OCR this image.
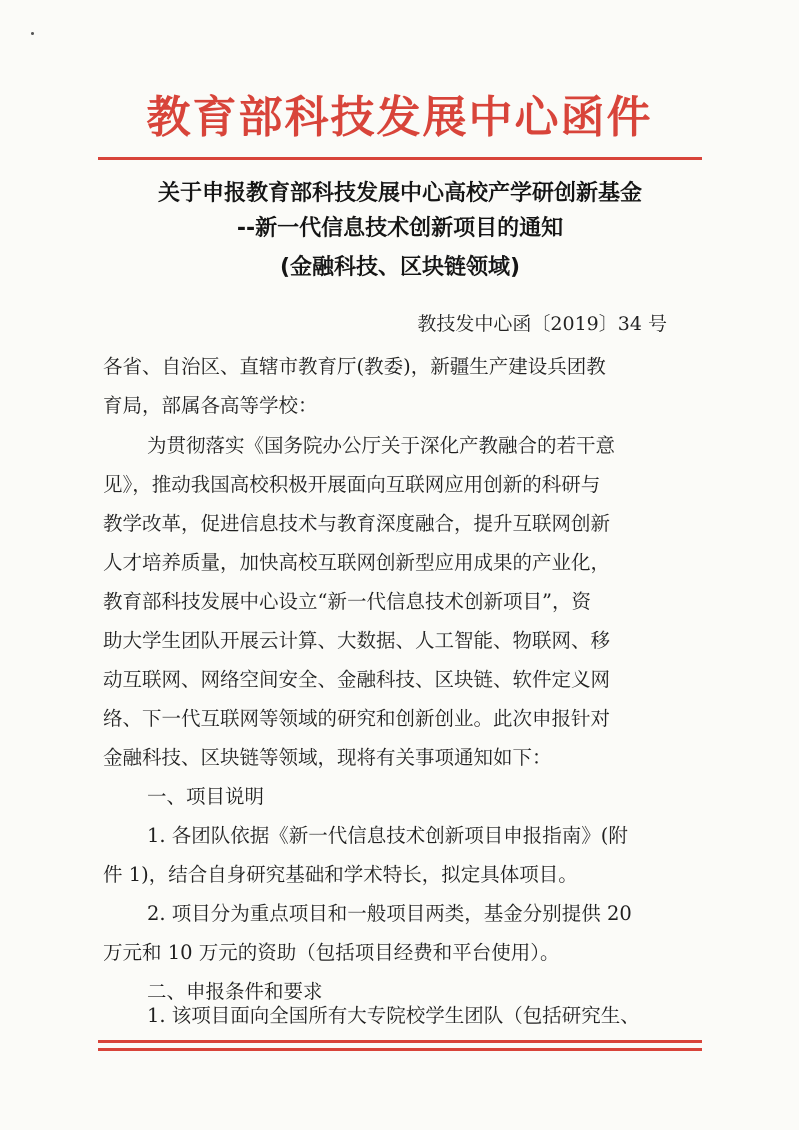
教育部科技发展中心函件
关于申报教育部科技发展中心高校产学研创新基金
--新一代信息技术创新项目的通知
(金融科技、区块链领域)
教技发中心函〔2019〕34 号
各省、自治区、直辖市教育厅(教委)，新疆生产建设兵团教
育局，部属各高等学校：
为贯彻落实《国务院办公厅关于深化产教融合的若干意
见》，推动我国高校积极开展面向互联网应用创新的科研与
教学改革，促进信息技术与教育深度融合，提升互联网创新
人才培养质量，加快高校互联网创新型应用成果的产业化，
教育部科技发展中心设立“新一代信息技术创新项目”，资
助大学生团队开展云计算、大数据、人工智能、物联网、移
动互联网、网络空间安全、金融科技、区块链、软件定义网
络、下一代互联网等领域的研究和创新创业。此次申报针对
金融科技、区块链等领域，现将有关事项通知如下：
一、项目说明
1. 各团队依据《新一代信息技术创新项目申报指南》(附
件 1)，结合自身研究基础和学术特长，拟定具体项目。
2. 项目分为重点项目和一般项目两类，基金分别提供 20
万元和 10 万元的资助（包括项目经费和平台使用）。
二、申报条件和要求
1. 该项目面向全国所有大专院校学生团队（包括研究生、
